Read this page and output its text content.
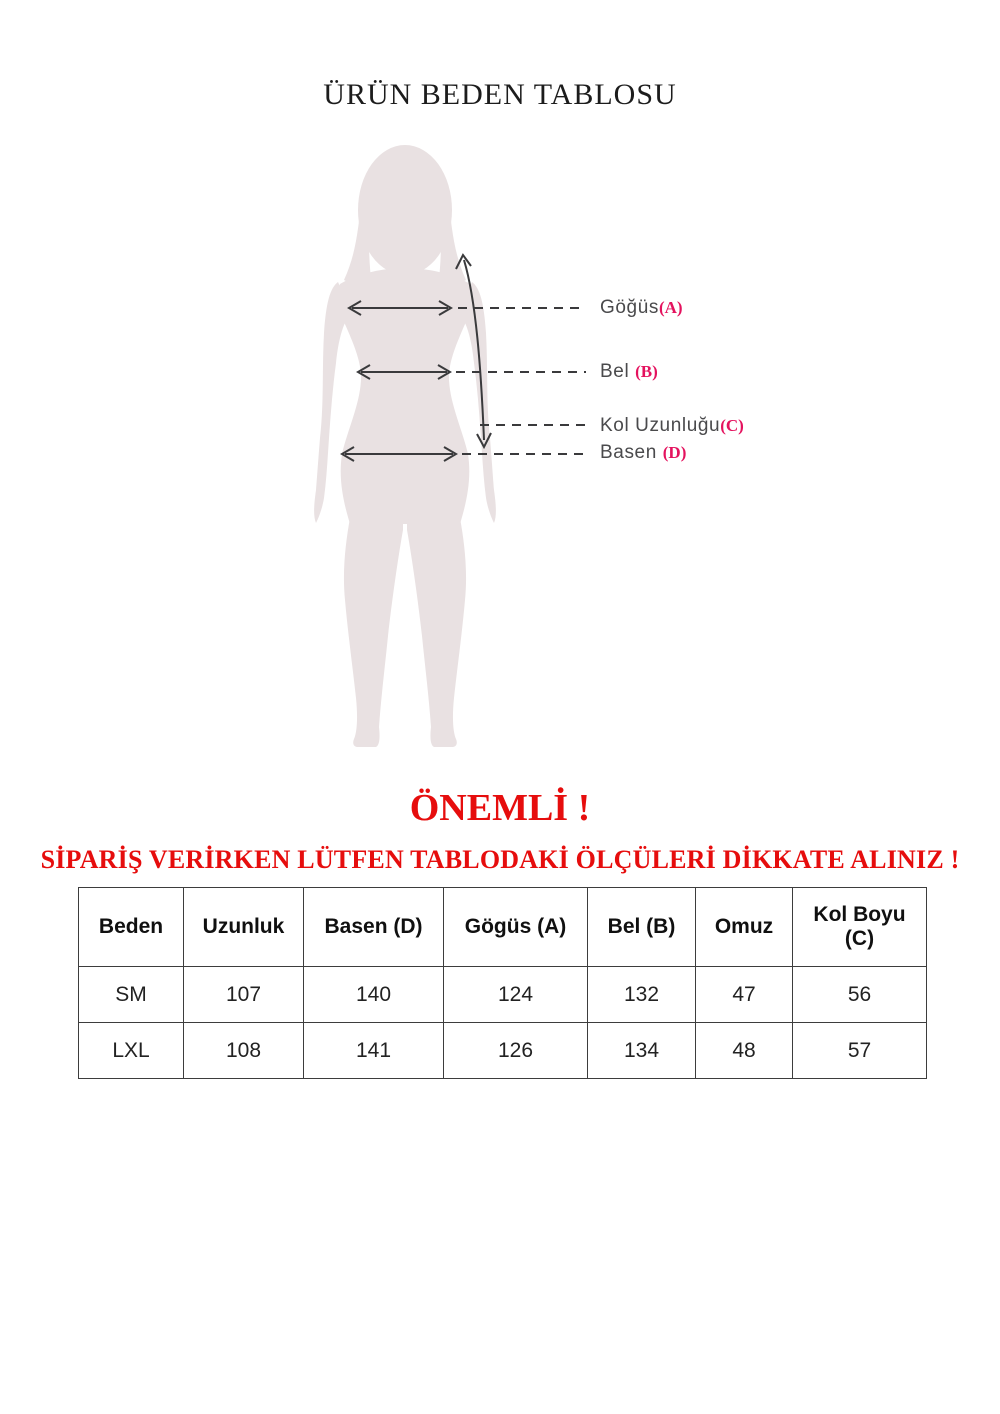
ÜRÜN BEDEN TABLOSU
Göğüs(A)
Bel (B)
Kol Uzunluğu(C)
Basen (D)
ÖNEMLİ !

SİPARİŞ VERİRKEN LÜTFEN TABLODAKİ ÖLÇÜLERİ DİKKATE ALINIZ !

Beden	Uzunluk	Basen (D)	Gögüs (A)	Bel (B)	Omuz	Kol Boyu (C)
SM	107	140	124	132	47	56
LXL	108	141	126	134	48	57
